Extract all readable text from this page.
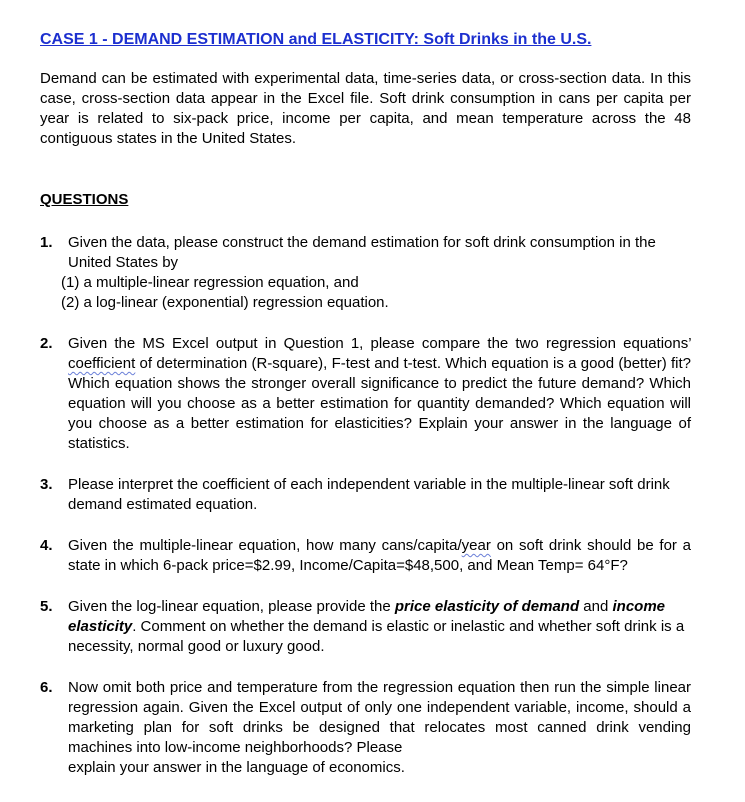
CASE 1 - DEMAND ESTIMATION and ELASTICITY: Soft Drinks in the U.S.

Demand can be estimated with experimental data, time-series data, or cross-section data. In this case, cross-section data appear in the Excel file. Soft drink consumption in cans per capita per year is related to six-pack price, income per capita, and mean temperature across the 48 contiguous states in the United States.

QUESTIONS
1. Given the data, please construct the demand estimation for soft drink consumption in the United States by
(1) a multiple-linear regression equation, and
(2) a log-linear (exponential) regression equation.
2. Given the MS Excel output in Question 1, please compare the two regression equations’ coefficient of determination (R-square), F-test and t-test. Which equation is a good (better) fit? Which equation shows the stronger overall significance to predict the future demand? Which equation will you choose as a better estimation for quantity demanded? Which equation will you choose as a better estimation for elasticities? Explain your answer in the language of statistics.
3. Please interpret the coefficient of each independent variable in the multiple-linear soft drink demand estimated equation.
4. Given the multiple-linear equation, how many cans/capita/year on soft drink should be for a state in which 6-pack price=$2.99, Income/Capita=$48,500, and Mean Temp= 64°F?
5. Given the log-linear equation, please provide the price elasticity of demand and income elasticity. Comment on whether the demand is elastic or inelastic and whether soft drink is a necessity, normal good or luxury good.
6. Now omit both price and temperature from the regression equation then run the simple linear regression again. Given the Excel output of only one independent variable, income, should a marketing plan for soft drinks be designed that relocates most canned drink vending machines into low-income neighborhoods? Please
explain your answer in the language of economics.
